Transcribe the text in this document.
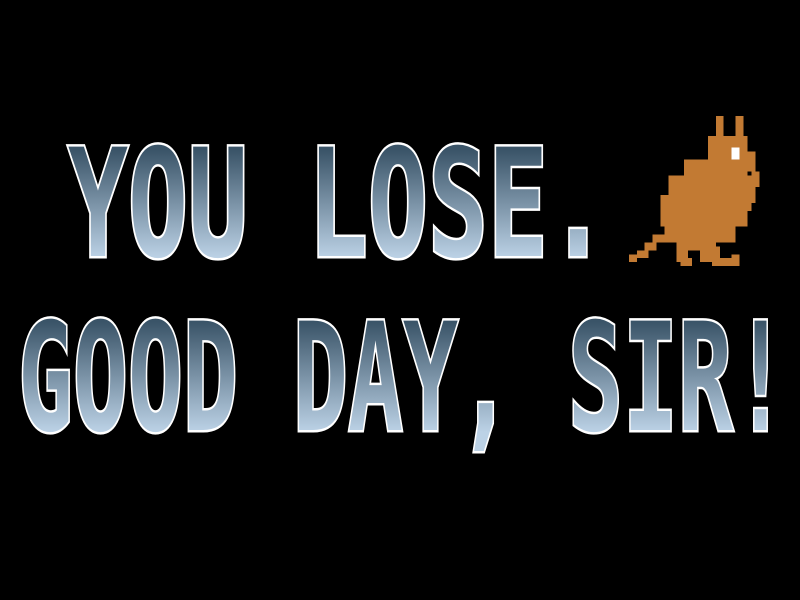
YOU LOSE.
GOOD DAY, SIR!
